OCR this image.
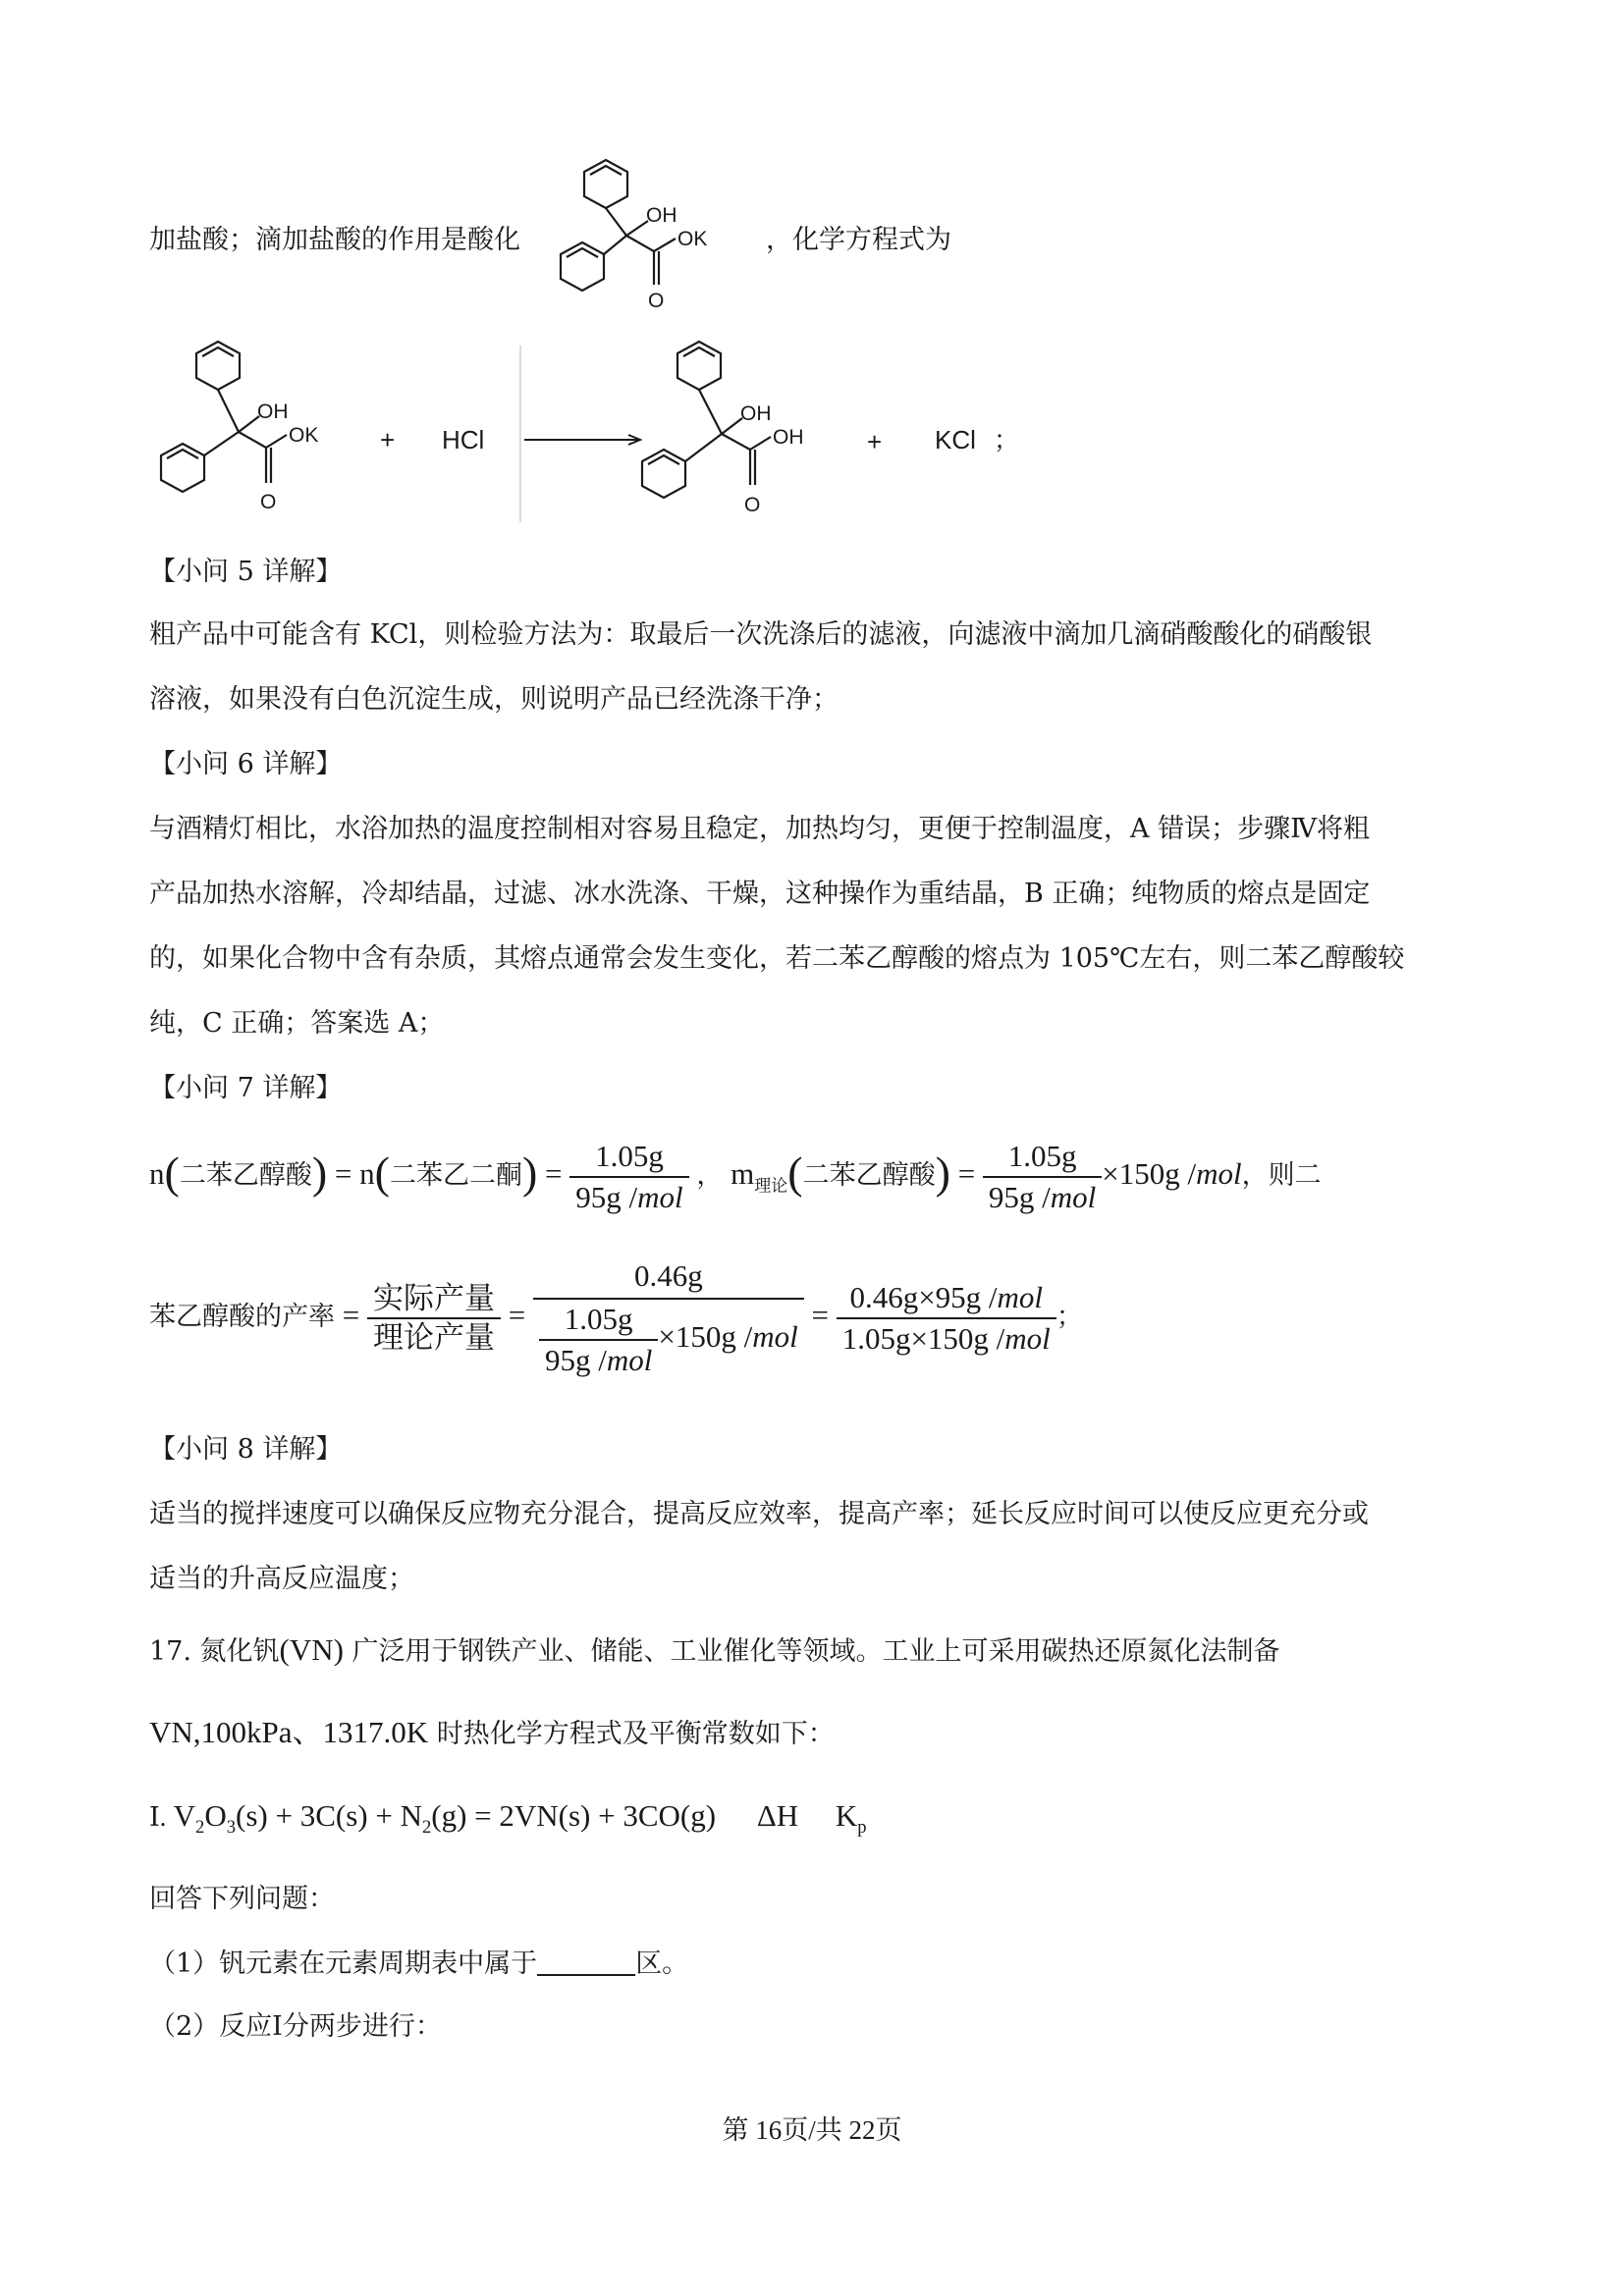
加盐酸；滴加盐酸的作用是酸化
OH
OK
O
，化学方程式为
OH
OK
O
+ HCl
OH
OH
O
+ KCl ；
【小问 5 详解】
粗产品中可能含有 KCl，则检验方法为：取最后一次洗涤后的滤液，向滤液中滴加几滴硝酸酸化的硝酸银
溶液，如果没有白色沉淀生成，则说明产品已经洗涤干净；
【小问 6 详解】
与酒精灯相比，水浴加热的温度控制相对容易且稳定，加热均匀，更便于控制温度，A 错误；步骤Ⅳ将粗
产品加热水溶解，冷却结晶，过滤、冰水洗涤、干燥，这种操作为重结晶，B 正确；纯物质的熔点是固定
的，如果化合物中含有杂质，其熔点通常会发生变化，若二苯乙醇酸的熔点为 105℃左右，则二苯乙醇酸较
纯，C 正确；答案选 A；
【小问 7 详解】
n(二苯乙醇酸) = n(二苯乙二酮) = $\frac{1.05g}{\text{95g /mol}}$ ， $m_{理论}$(二苯乙醇酸) = $\frac{1.05g}{\text{95g /mol}} \times 150g$ /mol，则二
苯乙醇酸的产率 = $\frac{\text{实际产量}}{\text{理论产量}} = \frac{0.46g}{\frac{1.05g}{\text{95g /mol}} \times 150g /mol} = \frac{\text{0.46g×95g /mol}}{\text{1.05g×150g /mol}}$ ；
【小问 8 详解】
适当的搅拌速度可以确保反应物充分混合，提高反应效率，提高产率；延长反应时间可以使反应更充分或
适当的升高反应温度；
17. 氮化钒(VN) 广泛用于钢铁产业、储能、工业催化等领域。工业上可采用碳热还原氮化法制备
VN,100kPa、1317.0K 时热化学方程式及平衡常数如下：
Ⅰ. $V_2O_3(s) + 3C(s) + N_2(g) = 2VN(s) + 3CO(g)$ ΔH $K_p$
回答下列问题：
（1）钒元素在元素周期表中属于	区。
（2）反应Ⅰ分两步进行：
第 16页/共 22页
